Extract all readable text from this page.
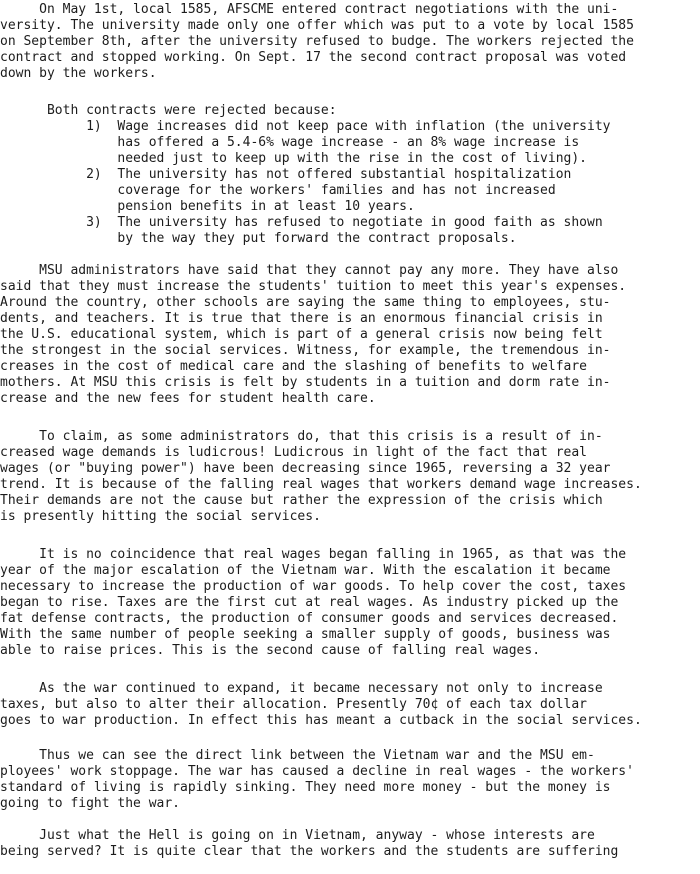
On May 1st, local 1585, AFSCME entered contract negotiations with the uni-
versity. The university made only one offer which was put to a vote by local 1585
on September 8th, after the university refused to budge. The workers rejected the
contract and stopped working. On Sept. 17 the second contract proposal was voted
down by the workers.
Both contracts were rejected because:
1)  Wage increases did not keep pace with inflation (the university
has offered a 5.4-6% wage increase - an 8% wage increase is
needed just to keep up with the rise in the cost of living).
2)  The university has not offered substantial hospitalization
coverage for the workers' families and has not increased
pension benefits in at least 10 years.
3)  The university has refused to negotiate in good faith as shown
by the way they put forward the contract proposals.
MSU administrators have said that they cannot pay any more. They have also
said that they must increase the students' tuition to meet this year's expenses.
Around the country, other schools are saying the same thing to employees, stu-
dents, and teachers. It is true that there is an enormous financial crisis in
the U.S. educational system, which is part of a general crisis now being felt
the strongest in the social services. Witness, for example, the tremendous in-
creases in the cost of medical care and the slashing of benefits to welfare
mothers. At MSU this crisis is felt by students in a tuition and dorm rate in-
crease and the new fees for student health care.
To claim, as some administrators do, that this crisis is a result of in-
creased wage demands is ludicrous! Ludicrous in light of the fact that real
wages (or "buying power") have been decreasing since 1965, reversing a 32 year
trend. It is because of the falling real wages that workers demand wage increases.
Their demands are not the cause but rather the expression of the crisis which
is presently hitting the social services.
It is no coincidence that real wages began falling in 1965, as that was the
year of the major escalation of the Vietnam war. With the escalation it became
necessary to increase the production of war goods. To help cover the cost, taxes
began to rise. Taxes are the first cut at real wages. As industry picked up the
fat defense contracts, the production of consumer goods and services decreased.
With the same number of people seeking a smaller supply of goods, business was
able to raise prices. This is the second cause of falling real wages.
As the war continued to expand, it became necessary not only to increase
taxes, but also to alter their allocation. Presently 70¢ of each tax dollar
goes to war production. In effect this has meant a cutback in the social services.
Thus we can see the direct link between the Vietnam war and the MSU em-
ployees' work stoppage. The war has caused a decline in real wages - the workers'
standard of living is rapidly sinking. They need more money - but the money is
going to fight the war.
Just what the Hell is going on in Vietnam, anyway - whose interests are
being served? It is quite clear that the workers and the students are suffering
